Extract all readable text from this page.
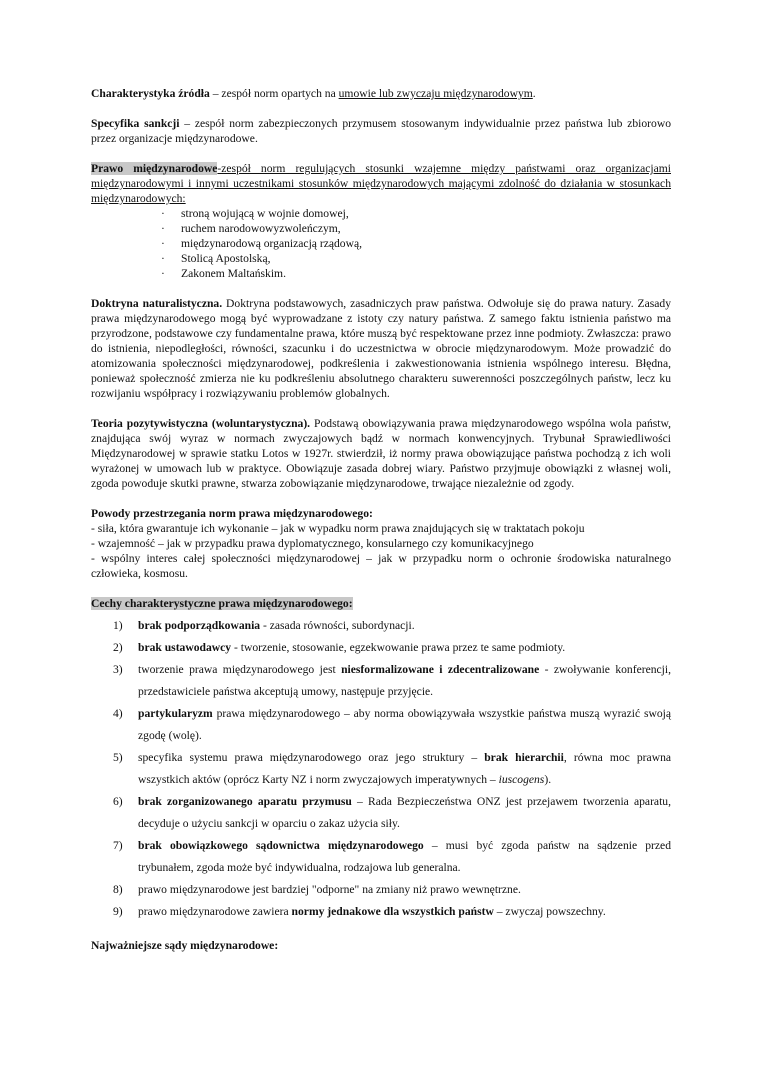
Charakterystyka źródła – zespół norm opartych na umowie lub zwyczaju międzynarodowym.

Specyfika sankcji – zespół norm zabezpieczonych przymusem stosowanym indywidualnie przez państwa lub zbiorowo przez organizacje międzynarodowe.

Prawo międzynarodowe-zespół norm regulujących stosunki wzajemne między państwami oraz organizacjami międzynarodowymi i innymi uczestnikami stosunków międzynarodowych mającymi zdolność do działania w stosunkach międzynarodowych:

· stroną wojującą w wojnie domowej,
· ruchem narodowowyzwoleńczym,
· międzynarodową organizacją rządową,
· Stolicą Apostolską,
· Zakonem Maltańskim.

Doktryna naturalistyczna. Doktryna podstawowych, zasadniczych praw państwa. Odwołuje się do prawa natury. Zasady prawa międzynarodowego mogą być wyprowadzane z istoty czy natury państwa. Z samego faktu istnienia państwo ma przyrodzone, podstawowe czy fundamentalne prawa, które muszą być respektowane przez inne podmioty. Zwłaszcza: prawo do istnienia, niepodległości, równości, szacunku i do uczestnictwa w obrocie międzynarodowym. Może prowadzić do atomizowania społeczności międzynarodowej, podkreślenia i zakwestionowania istnienia wspólnego interesu. Błędna, ponieważ społeczność zmierza nie ku podkreśleniu absolutnego charakteru suwerenności poszczególnych państw, lecz ku rozwijaniu współpracy i rozwiązywaniu problemów globalnych.

Teoria pozytywistyczna (woluntarystyczna). Podstawą obowiązywania prawa międzynarodowego wspólna wola państw, znajdująca swój wyraz w normach zwyczajowych bądź w normach konwencyjnych. Trybunał Sprawiedliwości Międzynarodowej w sprawie statku Lotos w 1927r. stwierdził, iż normy prawa obowiązujące państwa pochodzą z ich woli wyrażonej w umowach lub w praktyce. Obowiązuje zasada dobrej wiary. Państwo przyjmuje obowiązki z własnej woli, zgoda powoduje skutki prawne, stwarza zobowiązanie międzynarodowe, trwające niezależnie od zgody.

Powody przestrzegania norm prawa międzynarodowego:

- siła, która gwarantuje ich wykonanie – jak w wypadku norm prawa znajdujących się w traktatach pokoju

- wzajemność – jak w przypadku prawa dyplomatycznego, konsularnego czy komunikacyjnego

- wspólny interes całej społeczności międzynarodowej – jak w przypadku norm o ochronie środowiska naturalnego człowieka, kosmosu.

Cechy charakterystyczne prawa międzynarodowego:

1) brak podporządkowania - zasada równości, subordynacji.
2) brak ustawodawcy - tworzenie, stosowanie, egzekwowanie prawa przez te same podmioty.
3) tworzenie prawa międzynarodowego jest niesformalizowane i zdecentralizowane - zwoływanie konferencji, przedstawiciele państwa akceptują umowy, następuje przyjęcie.
4) partykularyzm prawa międzynarodowego – aby norma obowiązywała wszystkie państwa muszą wyrazić swoją zgodę (wolę).
5) specyfika systemu prawa międzynarodowego oraz jego struktury – brak hierarchii, równa moc prawna wszystkich aktów (oprócz Karty NZ i norm zwyczajowych imperatywnych – iuscogens).
6) brak zorganizowanego aparatu przymusu – Rada Bezpieczeństwa ONZ jest przejawem tworzenia aparatu, decyduje o użyciu sankcji w oparciu o zakaz użycia siły.
7) brak obowiązkowego sądownictwa międzynarodowego – musi być zgoda państw na sądzenie przed trybunałem, zgoda może być indywidualna, rodzajowa lub generalna.
8) prawo międzynarodowe jest bardziej "odporne" na zmiany niż prawo wewnętrzne.
9) prawo międzynarodowe zawiera normy jednakowe dla wszystkich państw – zwyczaj powszechny.

Najważniejsze sądy międzynarodowe:
